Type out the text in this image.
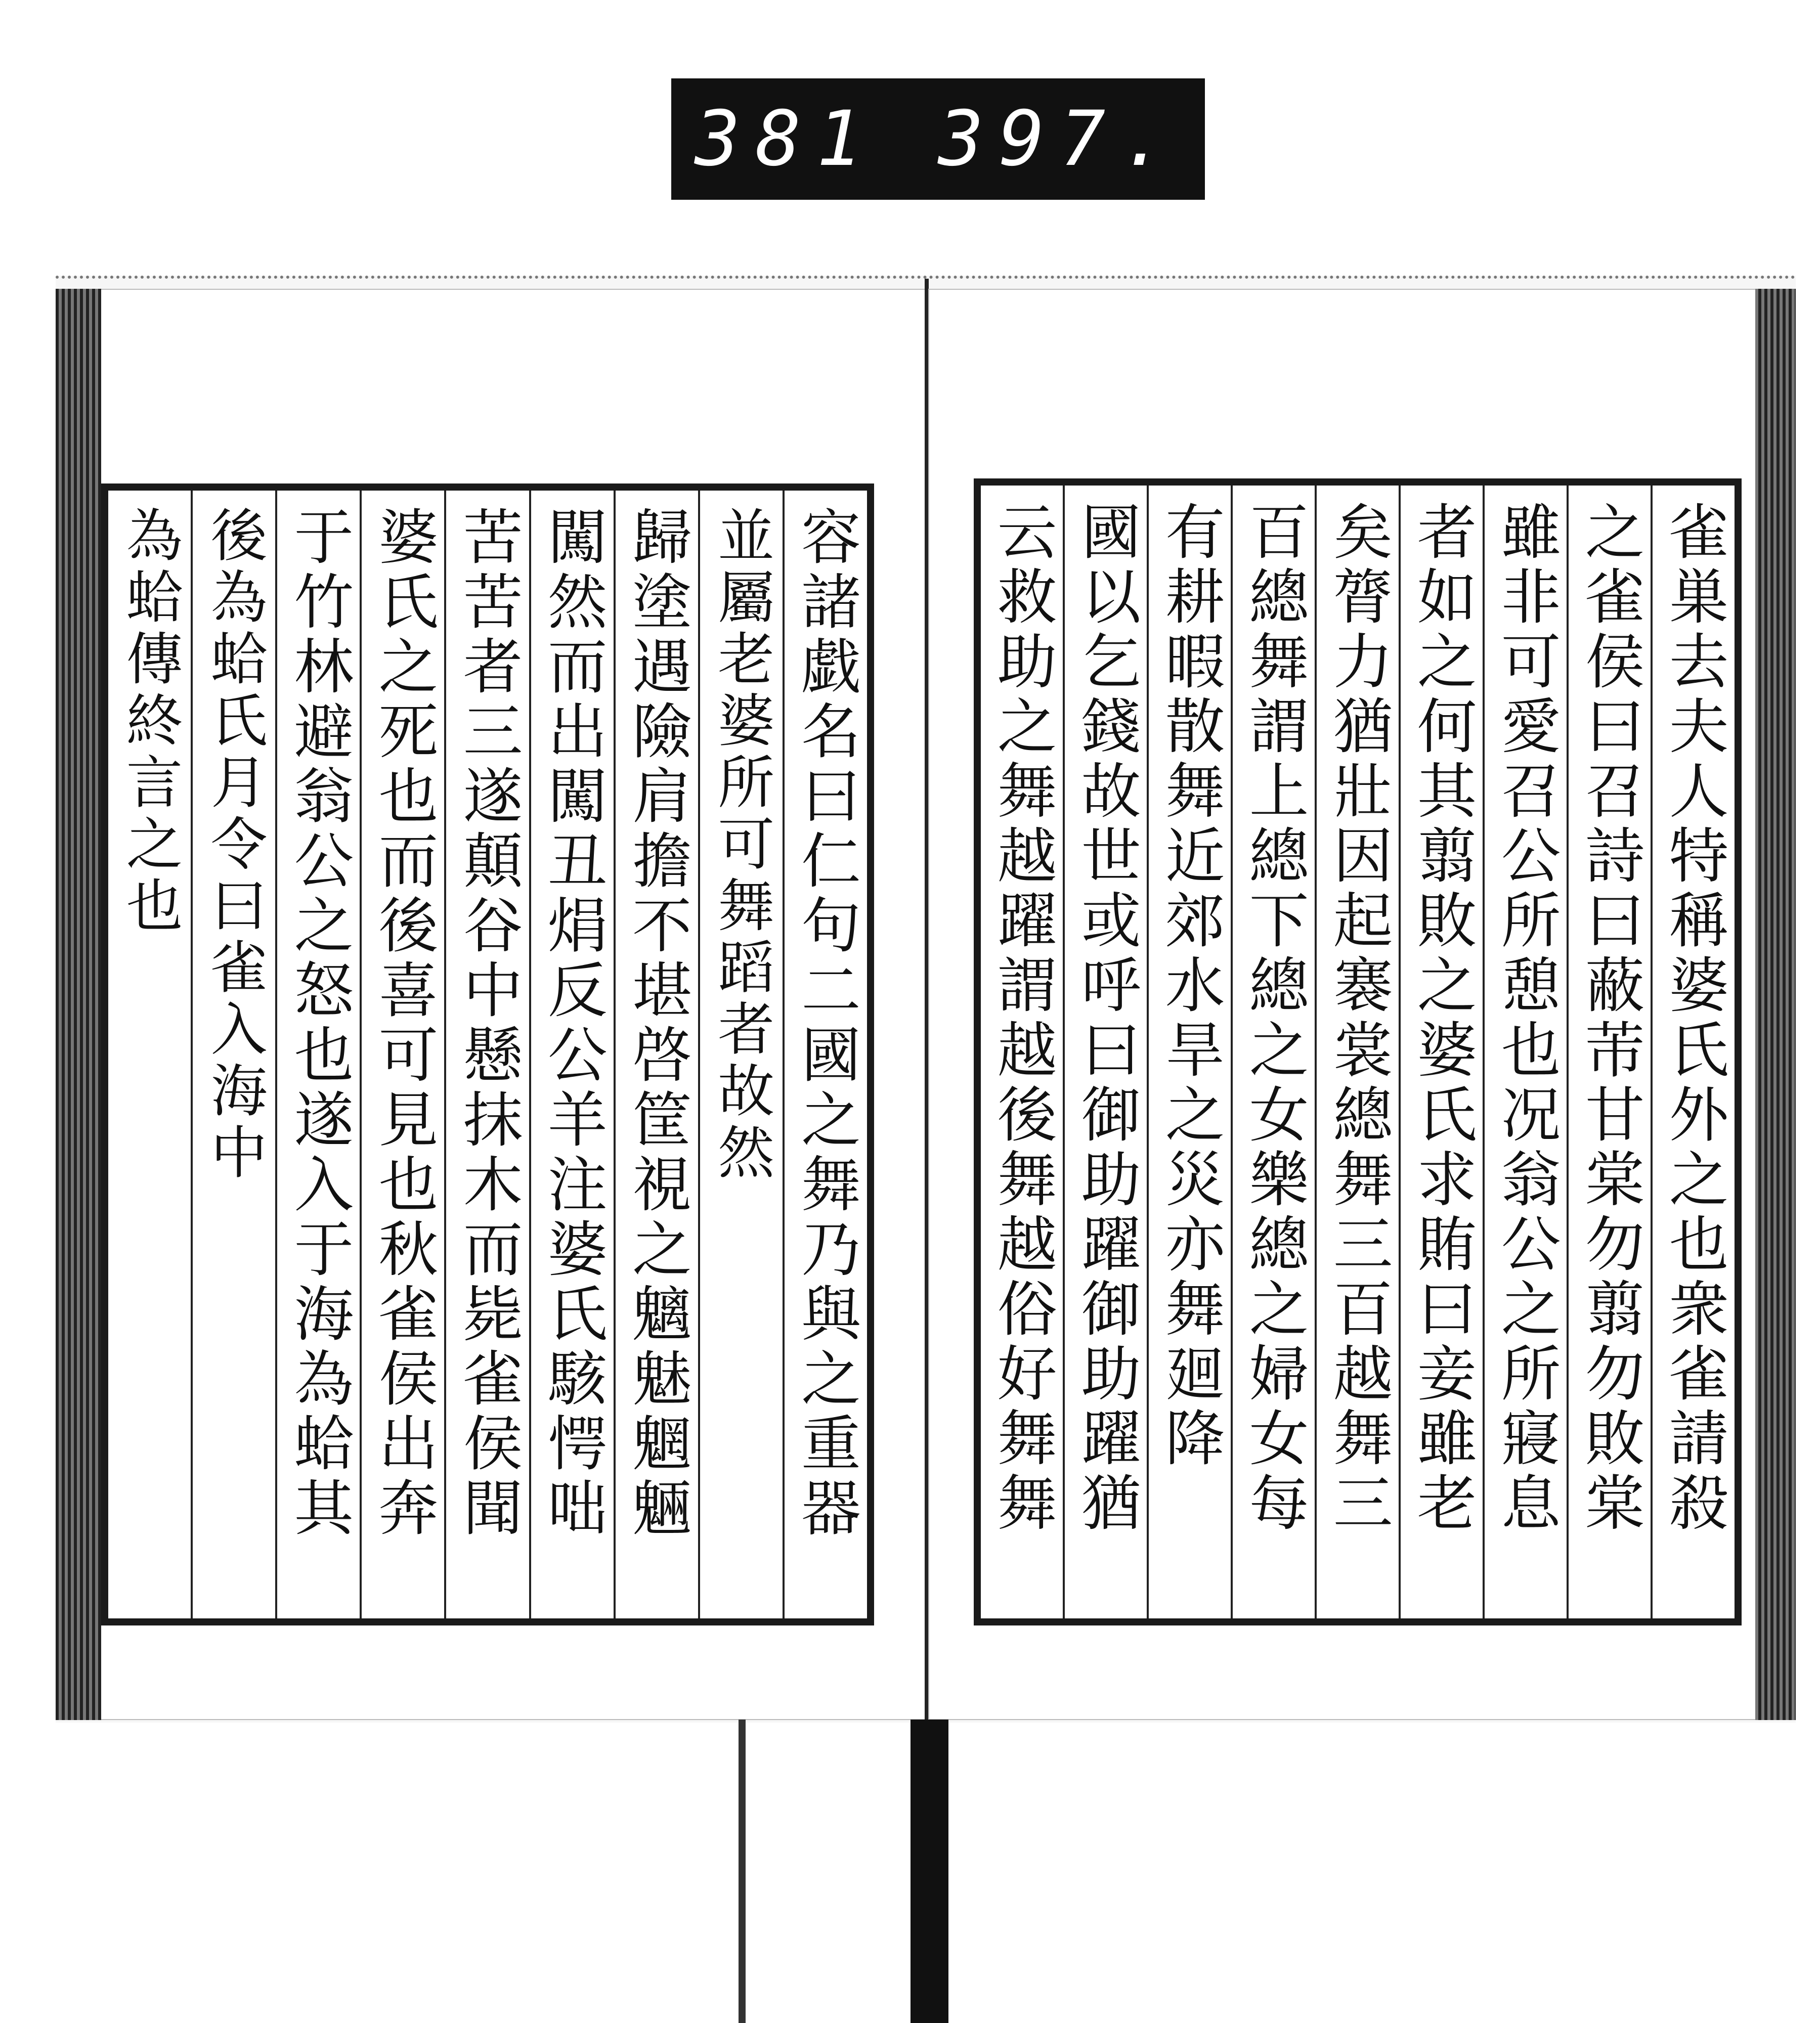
381 397.
容諸戯名曰仁句二國之舞乃與之重器
並屬老婆所可舞蹈者故然
歸塗遇險肩擔不堪啓筐視之魑魅魍魎
闖然而出闖丑焆反公羊注婆氏駭愕咄
苦苦者三遂顛谷中懸抹木而毙雀侯聞
婆氏之死也而後喜可見也秋雀侯出奔
于竹林避翁公之怒也遂入于海為蛤其
後為蛤氏月令曰雀入海中
為蛤傳終言之也	雀巣去夫人特稱婆氏外之也衆雀請殺
之雀侯曰召詩曰蔽芾甘棠勿翦勿敗棠
雖非可愛召公所憩也况翁公之所寢息
者如之何其翦敗之婆氏求賄曰妾雖老
矣膂力猶壯因起褰裳總舞三百越舞三
百總舞謂上總下總之女樂總之婦女每
有耕暇散舞近郊水旱之災亦舞廻降
國以乞錢故世或呼曰御助躍御助躍猶
云救助之舞越躍謂越後舞越俗好舞舞
